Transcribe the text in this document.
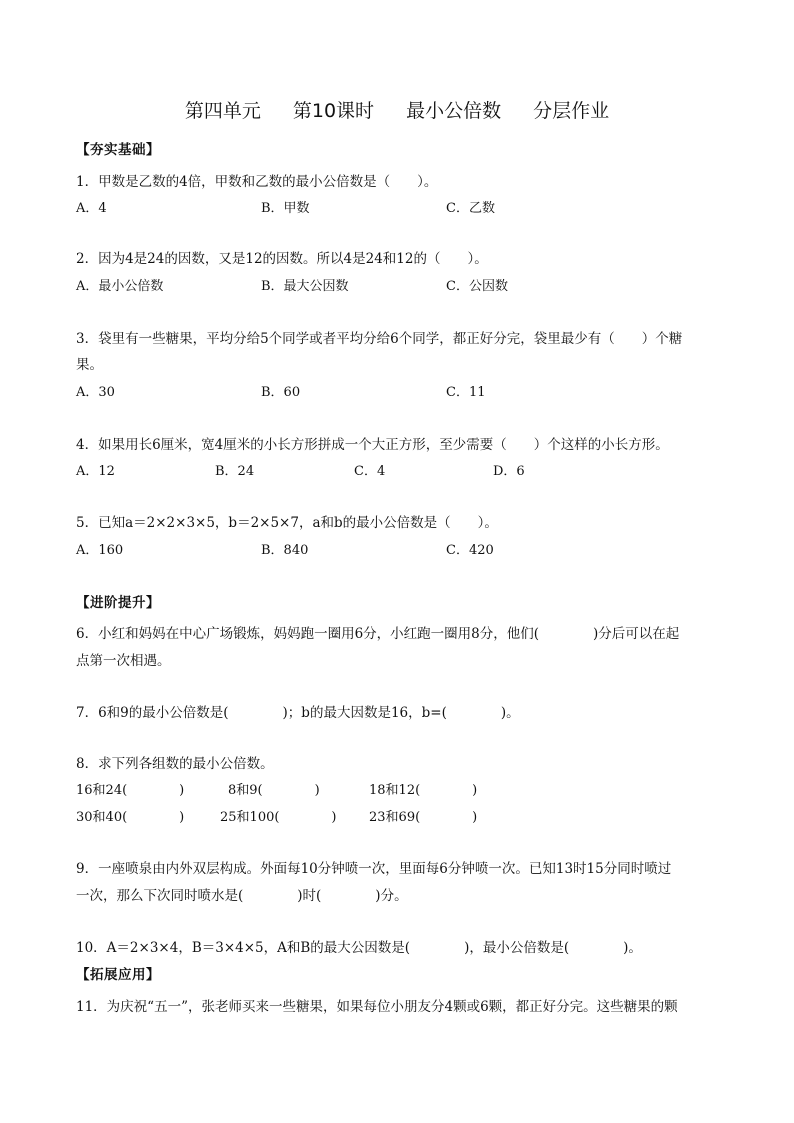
第四单元 第10课时 最小公倍数 分层作业
【夯实基础】
1．甲数是乙数的4倍，甲数和乙数的最小公倍数是（　　）。
A．4	B．甲数	C．乙数
2．因为4是24的因数，又是12的因数。所以4是24和12的（　　）。
A．最小公倍数	B．最大公因数	C．公因数
3．袋里有一些糖果，平均分给5个同学或者平均分给6个同学，都正好分完，袋里最少有（　　）个糖
果。
A．30	B．60	C．11
4．如果用长6厘米，宽4厘米的小长方形拼成一个大正方形，至少需要（　　）个这样的小长方形。
A．12	B．24	C．4	D．6
5．已知a＝2×2×3×5，b＝2×5×7，a和b的最小公倍数是（　　）。
A．160	B．840	C．420
【进阶提升】
6．小红和妈妈在中心广场锻炼，妈妈跑一圈用6分，小红跑一圈用8分，他们(　　　　)分后可以在起
点第一次相遇。
7．6和9的最小公倍数是(　　　　)；b的最大因数是16，b=(　　　　)。
8．求下列各组数的最小公倍数。
16和24(　　　　)	8和9(　　　　)	18和12(　　　　)
30和40(　　　　)	25和100(　　　　)	23和69(　　　　)
9．一座喷泉由内外双层构成。外面每10分钟喷一次，里面每6分钟喷一次。已知13时15分同时喷过
一次，那么下次同时喷水是(　　　　)时(　　　　)分。
10．A＝2×3×4，B＝3×4×5，A和B的最大公因数是(　　　　)，最小公倍数是(　　　　)。
【拓展应用】
11．为庆祝“五一”，张老师买来一些糖果，如果每位小朋友分4颗或6颗，都正好分完。这些糖果的颗
